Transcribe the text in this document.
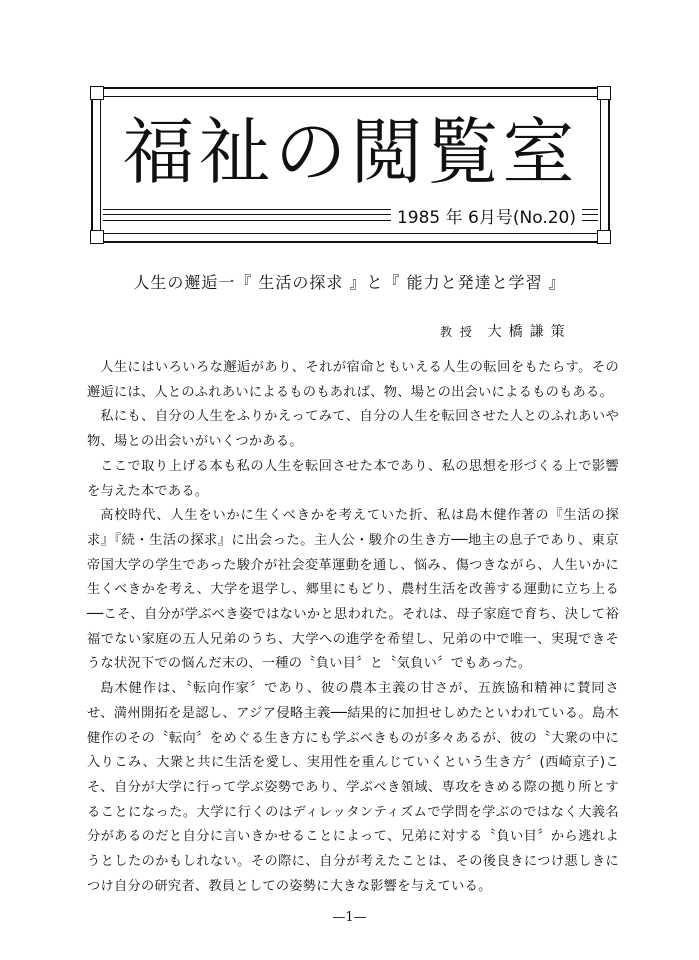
福祉の閲覧室
1985 年 6月号(No.20)
人生の邂逅一『 生活の探求 』と『 能力と発達と学習 』
教 授 大橋謙策

人生にはいろいろな邂逅があり、それが宿命ともいえる人生の転回をもたらす。その邂逅には、人とのふれあいによるものもあれば、物、場との出会いによるものもある。

私にも、自分の人生をふりかえってみて、自分の人生を転回させた人とのふれあいや物、場との出会いがいくつかある。

ここで取り上げる本も私の人生を転回させた本であり、私の思想を形づくる上で影響を与えた本である。

高校時代、人生をいかに生くべきかを考えていた折、私は島木健作著の『生活の探求』『続・生活の探求』に出会った。主人公・駿介の生き方──地主の息子であり、東京帝国大学の学生であった駿介が社会変革運動を通し、悩み、傷つきながら、人生いかに生くべきかを考え、大学を退学し、郷里にもどり、農村生活を改善する運動に立ち上る──こそ、自分が学ぶべき姿ではないかと思われた。それは、母子家庭で育ち、決して裕福でない家庭の五人兄弟のうち、大学への進学を希望し、兄弟の中で唯一、実現できそうな状況下での悩んだ末の、一種の〝負い目〞と〝気負い〞でもあった。

島木健作は、〝転向作家〞であり、彼の農本主義の甘さが、五族協和精神に賛同させ、満州開拓を是認し、アジア侵略主義──結果的に加担せしめたといわれている。島木健作のその〝転向〞をめぐる生き方にも学ぶべきものが多々あるが、彼の〝大衆の中に入りこみ、大衆と共に生活を愛し、実用性を重んじていくという生き方〞(西崎京子)こそ、自分が大学に行って学ぶ姿勢であり、学ぶべき領域、専攻をきめる際の拠り所とすることになった。大学に行くのはディレッタンティズムで学問を学ぶのではなく大義名分があるのだと自分に言いきかせることによって、兄弟に対する〝負い目〞から逃れようとしたのかもしれない。その際に、自分が考えたことは、その後良きにつけ悪しきにつけ自分の研究者、教員としての姿勢に大きな影響を与えている。

—1—
